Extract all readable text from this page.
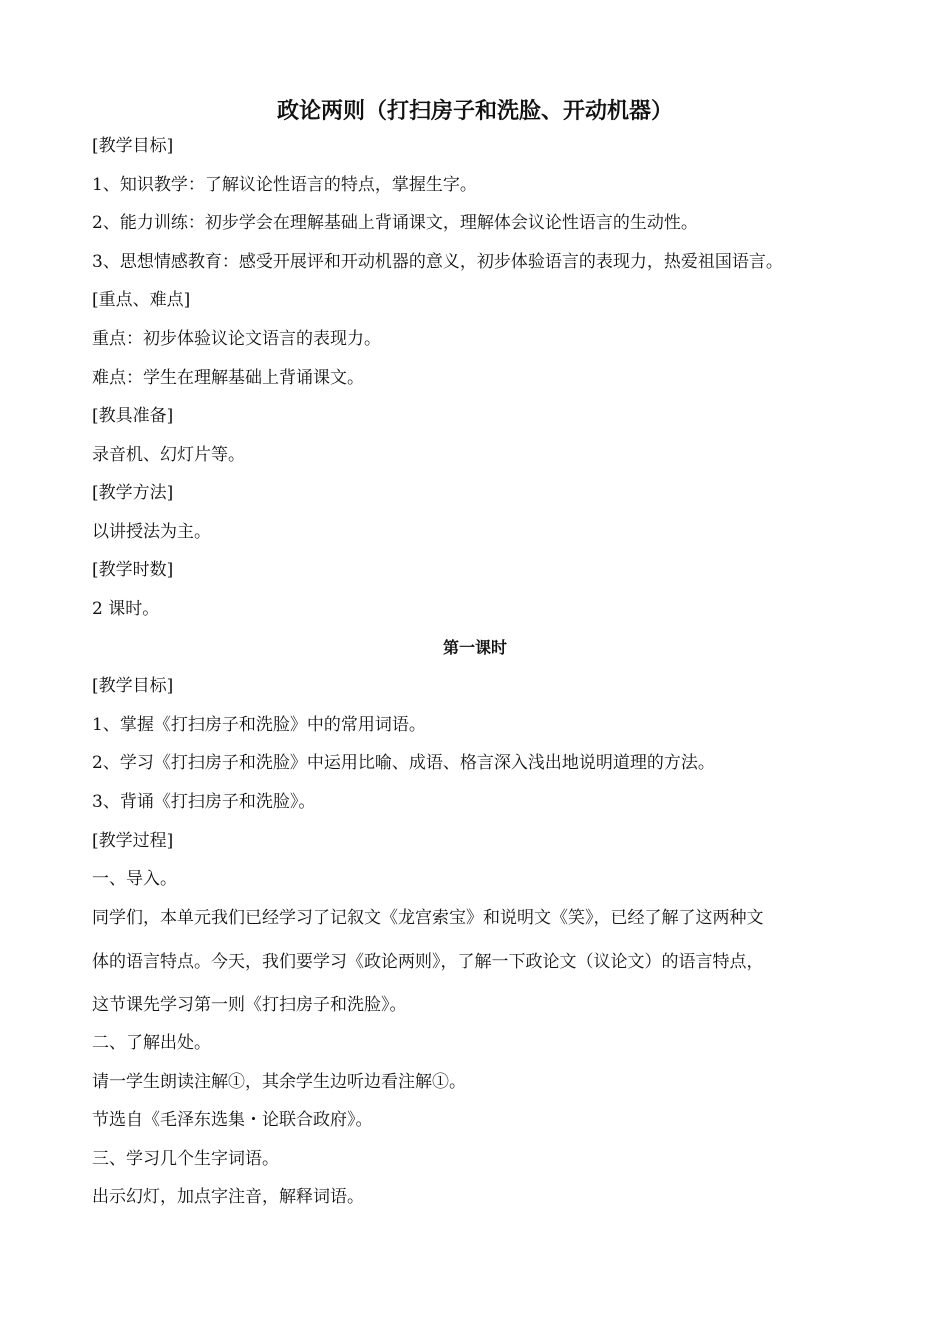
政论两则（打扫房子和洗脸、开动机器）
[教学目标]
1、知识教学：了解议论性语言的特点，掌握生字。
2、能力训练：初步学会在理解基础上背诵课文，理解体会议论性语言的生动性。
3、思想情感教育：感受开展评和开动机器的意义，初步体验语言的表现力，热爱祖国语言。
[重点、难点]
重点：初步体验议论文语言的表现力。
难点：学生在理解基础上背诵课文。
[教具准备]
录音机、幻灯片等。
[教学方法]
以讲授法为主。
[教学时数]
2 课时。
第一课时
[教学目标]
1、掌握《打扫房子和洗脸》中的常用词语。
2、学习《打扫房子和洗脸》中运用比喻、成语、格言深入浅出地说明道理的方法。
3、背诵《打扫房子和洗脸》。
[教学过程]
一、导入。
同学们，本单元我们已经学习了记叙文《龙宫索宝》和说明文《笑》，已经了解了这两种文
体的语言特点。今天，我们要学习《政论两则》，了解一下政论文（议论文）的语言特点，
这节课先学习第一则《打扫房子和洗脸》。
二、了解出处。
请一学生朗读注解①，其余学生边听边看注解①。
节选自《毛泽东选集・论联合政府》。
三、学习几个生字词语。
出示幻灯，加点字注音，解释词语。
